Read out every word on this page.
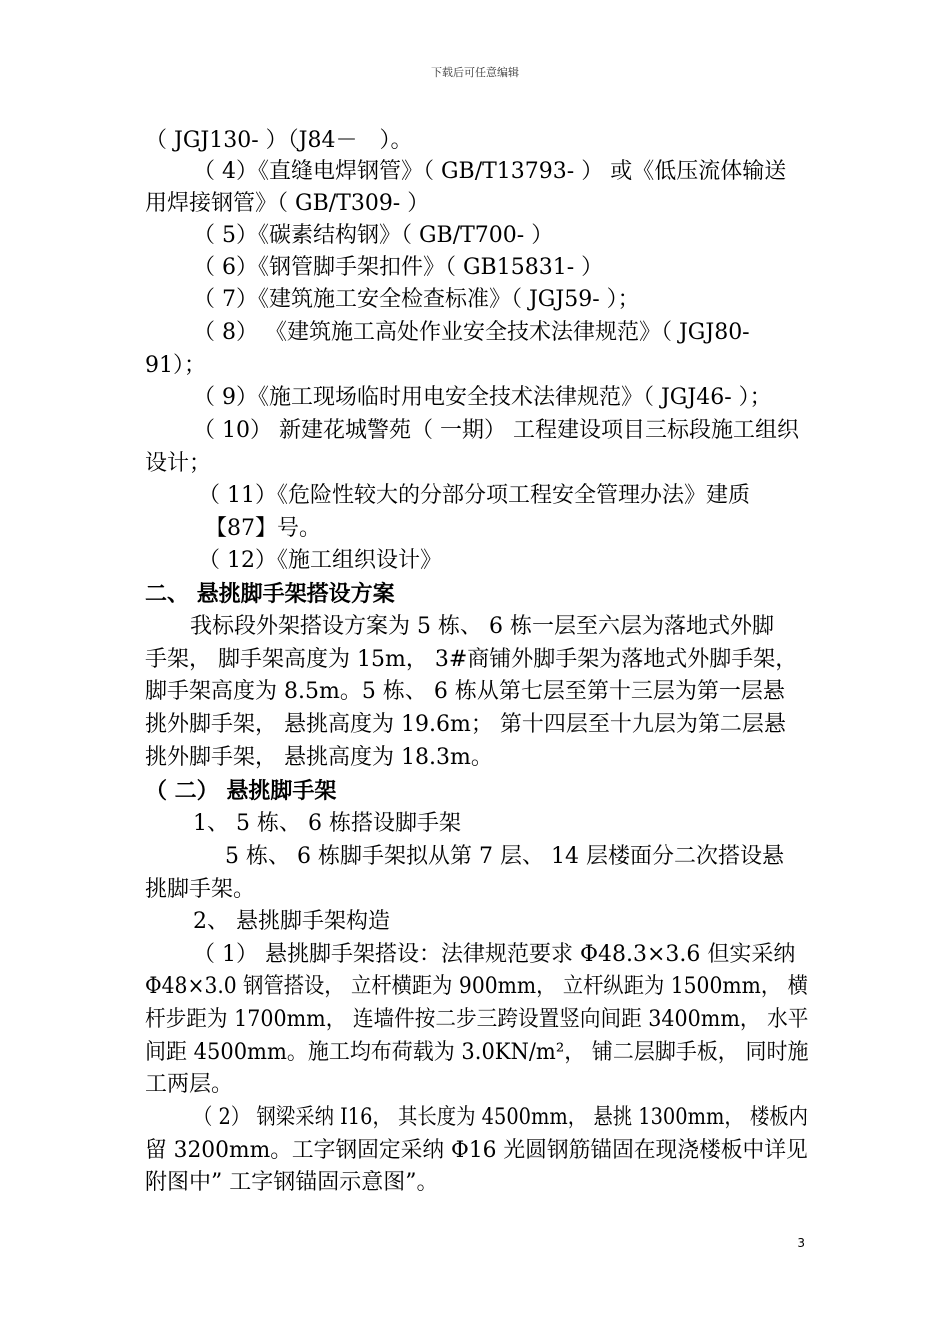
下载后可任意编辑
（ JGJ130- ）（J84－　）。
（ 4）《直缝电焊钢管》（ GB/T13793- ） 或《低压流体输送
用焊接钢管》（ GB/T309- ）
（ 5）《碳素结构钢》（ GB/T700- ）
（ 6）《钢管脚手架扣件》（ GB15831- ）
（ 7）《建筑施工安全检查标准》（ JGJ59- ）；
（ 8） 《建筑施工高处作业安全技术法律规范》（ JGJ80-
91）；
（ 9）《施工现场临时用电安全技术法律规范》（ JGJ46- ）；
（ 10） 新建花城警苑（ 一期） 工程建设项目三标段施工组织
设计；
（ 11）《危险性较大的分部分项工程安全管理办法》建质
【87】号。
（ 12）《施工组织设计》
二、 悬挑脚手架搭设方案
我标段外架搭设方案为 5 栋、 6 栋一层至六层为落地式外脚
手架， 脚手架高度为 15m， 3#商铺外脚手架为落地式外脚手架，
脚手架高度为 8.5m。5 栋、 6 栋从第七层至第十三层为第一层悬
挑外脚手架， 悬挑高度为 19.6m； 第十四层至十九层为第二层悬
挑外脚手架， 悬挑高度为 18.3m。
（ 二） 悬挑脚手架
1、 5 栋、 6 栋搭设脚手架
5 栋、 6 栋脚手架拟从第 7 层、 14 层楼面分二次搭设悬
挑脚手架。
2、 悬挑脚手架构造
（ 1） 悬挑脚手架搭设：法律规范要求 Φ48.3×3.6 但实采纳
Φ48×3.0 钢管搭设， 立杆横距为 900mm， 立杆纵距为 1500mm， 横
杆步距为 1700mm， 连墙件按二步三跨设置竖向间距 3400mm， 水平
间距 4500mm。施工均布荷载为 3.0KN/m²， 铺二层脚手板， 同时施
工两层。
（ 2） 钢梁采纳 I16， 其长度为 4500mm， 悬挑 1300mm， 楼板内
留 3200mm。工字钢固定采纳 Φ16 光圆钢筋锚固在现浇楼板中详见
附图中” 工字钢锚固示意图”。
3
